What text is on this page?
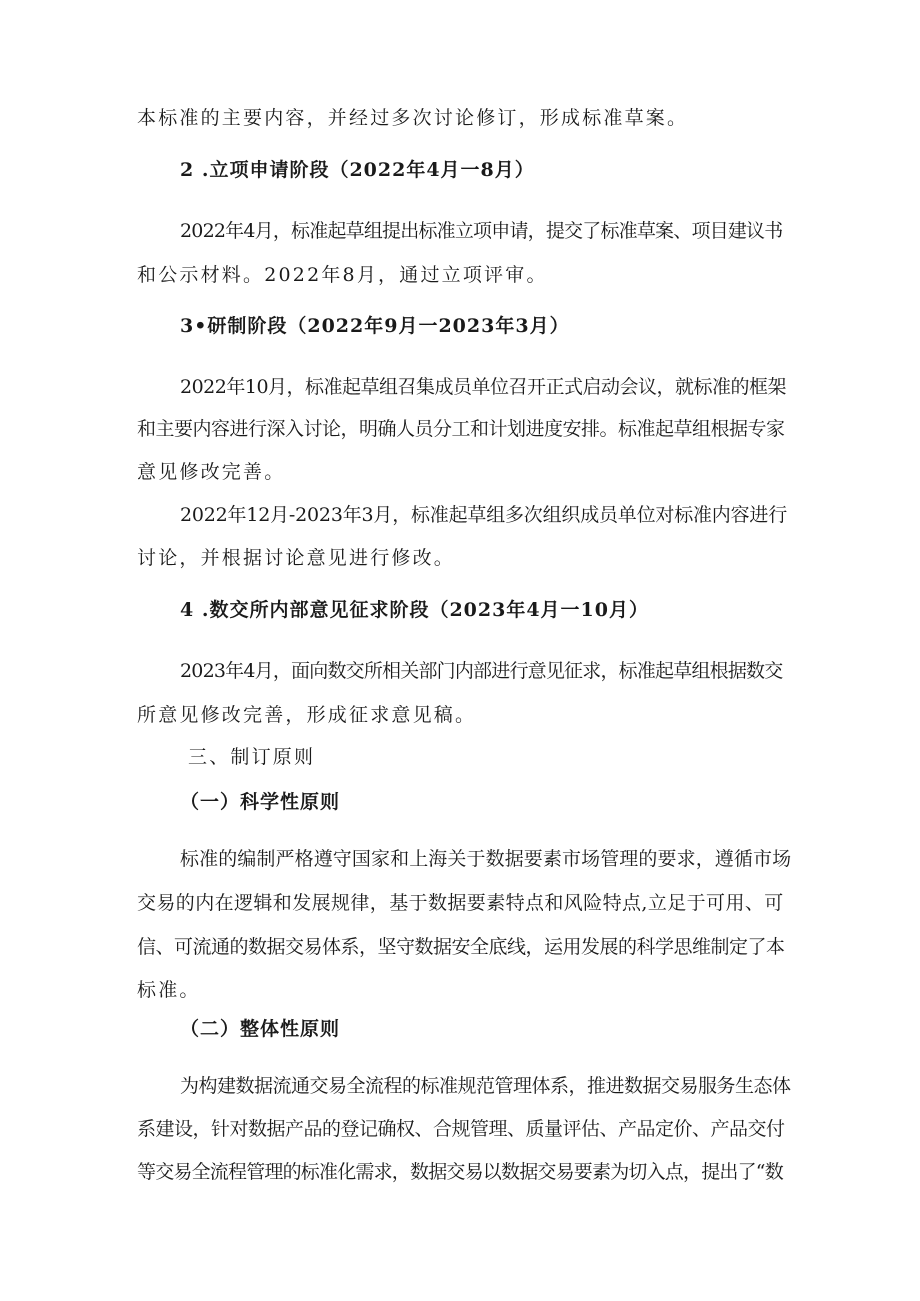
本标准的主要内容，并经过多次讨论修订，形成标准草案。
2 .立项申请阶段（2022年4月一8月）
2022年4月，标准起草组提出标准立项申请，提交了标准草案、项目建议书
和公示材料。2022年8月，通过立项评审。
3•研制阶段（2022年9月一2023年3月）
2022年10月，标准起草组召集成员单位召开正式启动会议，就标准的框架
和主要内容进行深入讨论，明确人员分工和计划进度安排。标准起草组根据专家
意见修改完善。
2022年12月-2023年3月，标准起草组多次组织成员单位对标准内容进行
讨论，并根据讨论意见进行修改。
4 .数交所内部意见征求阶段（2023年4月一10月）
2023年4月，面向数交所相关部门内部进行意见征求，标准起草组根据数交
所意见修改完善，形成征求意见稿。
三、制订原则
（一）科学性原则
标准的编制严格遵守国家和上海关于数据要素市场管理的要求，遵循市场
交易的内在逻辑和发展规律，基于数据要素特点和风险特点,立足于可用、可
信、可流通的数据交易体系，坚守数据安全底线，运用发展的科学思维制定了本
标准。
（二）整体性原则
为构建数据流通交易全流程的标准规范管理体系，推进数据交易服务生态体
系建设，针对数据产品的登记确权、合规管理、质量评估、产品定价、产品交付
等交易全流程管理的标准化需求，数据交易以数据交易要素为切入点，提出了“数
